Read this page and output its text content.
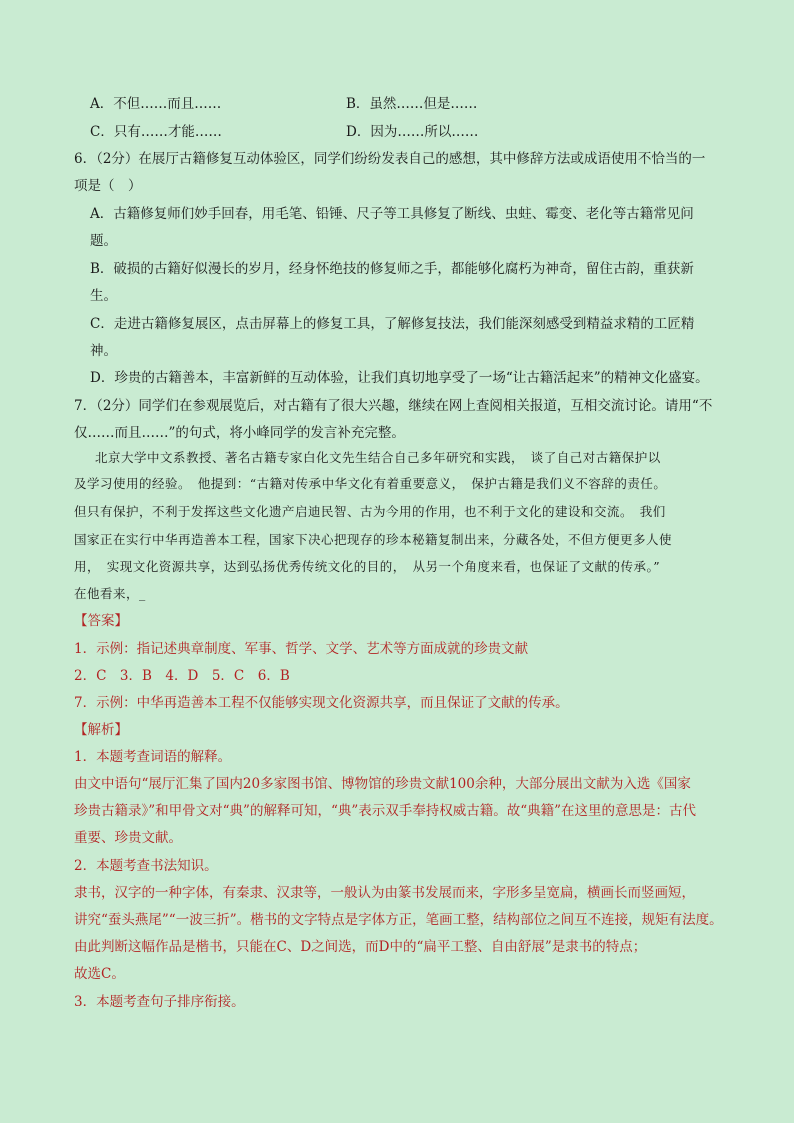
A．不但……而且……	B．虽然……但是……
C．只有……才能……	D．因为……所以……
6．（2分）在展厅古籍修复互动体验区，同学们纷纷发表自己的感想，其中修辞方法或成语使用不恰当的一
项是（　）
A．古籍修复师们妙手回春，用毛笔、铅锤、尺子等工具修复了断线、虫蛀、霉变、老化等古籍常见问
题。
B．破损的古籍好似漫长的岁月，经身怀绝技的修复师之手，都能够化腐朽为神奇，留住古韵，重获新
生。
C．走进古籍修复展区，点击屏幕上的修复工具，了解修复技法，我们能深刻感受到精益求精的工匠精
神。
D．珍贵的古籍善本，丰富新鲜的互动体验，让我们真切地享受了一场“让古籍活起来”的精神文化盛宴。
7．（2分）同学们在参观展览后，对古籍有了很大兴趣，继续在网上查阅相关报道，互相交流讨论。请用“不
仅……而且……”的句式，将小峰同学的发言补充完整。
北京大学中文系教授、著名古籍专家白化文先生结合自己多年研究和实践，　谈了自己对古籍保护以
及学习使用的经验。　他提到：“古籍对传承中华文化有着重要意义，　保护古籍是我们义不容辞的责任。
但只有保护，不利于发挥这些文化遗产启迪民智、古为今用的作用，也不利于文化的建设和交流。　我们
国家正在实行中华再造善本工程，国家下决心把现存的珍本秘籍复制出来，分藏各处，不但方便更多人使
用，　实现文化资源共享，达到弘扬优秀传统文化的目的，　从另一个角度来看，也保证了文献的传承。”
在他看来，_
【答案】
1．示例：指记述典章制度、军事、哲学、文学、艺术等方面成就的珍贵文献
2．C　3．B　4．D　5．C　6．B
7．示例：中华再造善本工程不仅能够实现文化资源共享，而且保证了文献的传承。
【解析】
1．本题考查词语的解释。
由文中语句“展厅汇集了国内20多家图书馆、博物馆的珍贵文献100余种，大部分展出文献为入选《国家
珍贵古籍录》”和甲骨文对“典”的解释可知，“典”表示双手奉持权威古籍。故“典籍”在这里的意思是：古代
重要、珍贵文献。
2．本题考查书法知识。
隶书，汉字的一种字体，有秦隶、汉隶等，一般认为由篆书发展而来，字形多呈宽扁，横画长而竖画短，
讲究“蚕头燕尾”“一波三折”。楷书的文字特点是字体方正，笔画工整，结构部位之间互不连接，规矩有法度。
由此判断这幅作品是楷书，只能在C、D之间选，而D中的“扁平工整、自由舒展”是隶书的特点；
故选C。
3．本题考查句子排序衔接。
